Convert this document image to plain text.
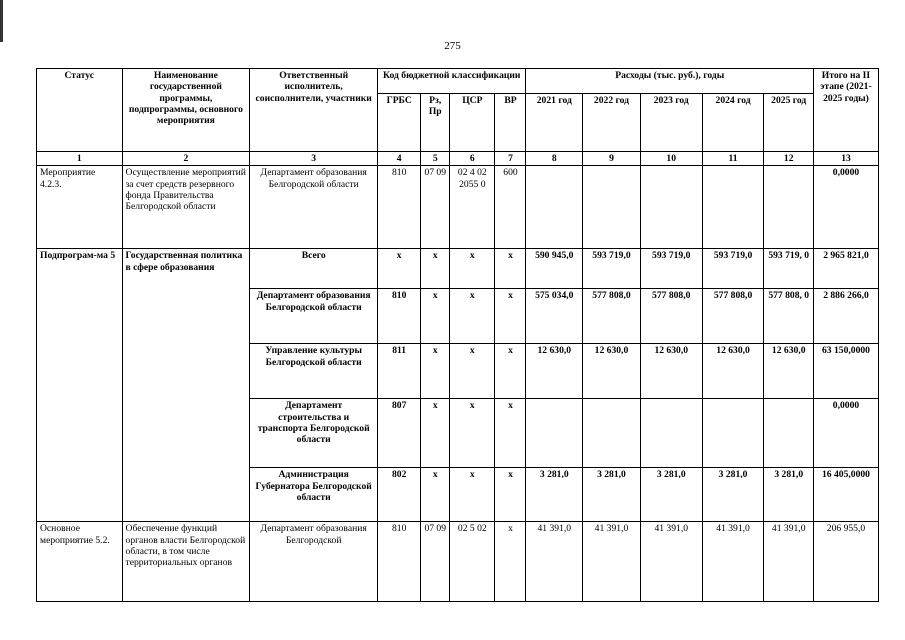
275
Статус	Наименование государственной программы, подпрограммы, основного мероприятия	Ответственный исполнитель, соисполнители, участники	Код бюджетной классификации				Расходы (тыс. руб.), годы					Итого на II этапе (2021-2025 годы)
			ГРБС	Рз, Пр	ЦСР	ВР	2021 год	2022 год	2023 год	2024 год	2025 год	
1	2	3	4	5	6	7	8	9	10	11	12	13
Мероприятие 4.2.3.	Осуществление мероприятий за счет средств резервного фонда Правительства Белгородской области	Департамент образования Белгородской области	810	07 09	02 4 02 2055 0	600						0,0000
Подпрограм-ма 5	Государственная политика в сфере образования	Всего	x	x	x	x	590 945,0	593 719,0	593 719,0	593 719,0	593 719, 0	2 965 821,0
		Департамент образования Белгородской области	810	x	x	x	575 034,0	577 808,0	577 808,0	577 808,0	577 808, 0	2 886 266,0
		Управление культуры Белгородской области	811	x	x	x	12 630,0	12 630,0	12 630,0	12 630,0	12 630,0	63 150,0000
		Департамент строительства и транспорта Белгородской области	807	x	x	x						0,0000
		Администрация Губернатора Белгородской области	802	x	x	x	3 281,0	3 281,0	3 281,0	3 281,0	3 281,0	16 405,0000
Основное мероприятие 5.2.	Обеспечение функций органов власти Белгородской области, в том числе территориальных органов	Департамент образования Белгородской	810	07 09	02 5 02	x	41 391,0	41 391,0	41 391,0	41 391,0	41 391,0	206 955,0
